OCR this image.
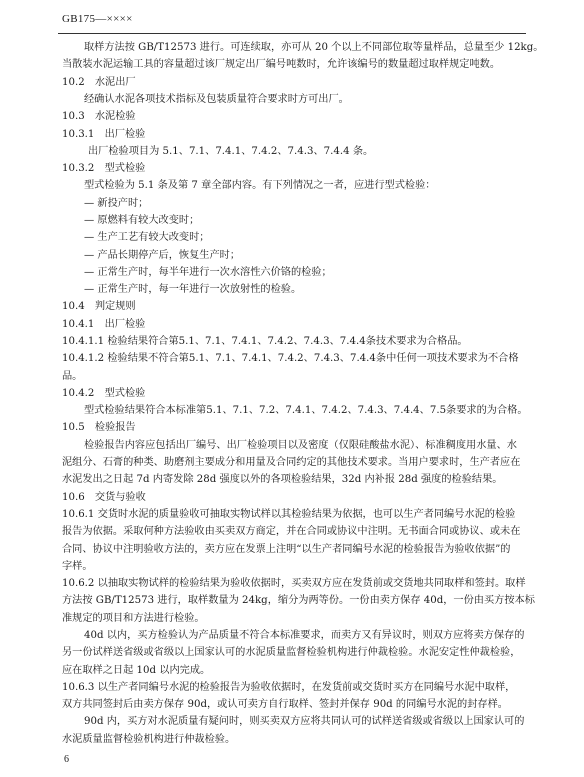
GB175—××××
取样方法按 GB/T12573 进行。可连续取，亦可从 20 个以上不同部位取等量样品，总量至少 12kg。
当散装水泥运输工具的容量超过该厂规定出厂编号吨数时，允许该编号的数量超过取样规定吨数。
10.2　水泥出厂
经确认水泥各项技术指标及包装质量符合要求时方可出厂。
10.3　水泥检验
10.3.1　出厂检验
出厂检验项目为 5.1、7.1、7.4.1、7.4.2、7.4.3、7.4.4 条。
10.3.2　型式检验
型式检验为 5.1 条及第 7 章全部内容。有下列情况之一者，应进行型式检验：
— 新投产时；
— 原燃料有较大改变时；
— 生产工艺有较大改变时；
— 产品长期停产后，恢复生产时；
— 正常生产时，每半年进行一次水溶性六价铬的检验；
— 正常生产时，每一年进行一次放射性的检验。
10.4　判定规则
10.4.1　出厂检验
10.4.1.1 检验结果符合第5.1、7.1、7.4.1、7.4.2、7.4.3、7.4.4条技术要求为合格品。
10.4.1.2 检验结果不符合第5.1、7.1、7.4.1、7.4.2、7.4.3、7.4.4条中任何一项技术要求为不合格
品。
10.4.2　型式检验
型式检验结果符合本标准第5.1、7.1、7.2、7.4.1、7.4.2、7.4.3、7.4.4、7.5条要求的为合格。
10.5　检验报告
检验报告内容应包括出厂编号、出厂检验项目以及密度（仅限硅酸盐水泥）、标准稠度用水量、水
泥组分、石膏的种类、助磨剂主要成分和用量及合同约定的其他技术要求。当用户要求时，生产者应在
水泥发出之日起 7d 内寄发除 28d 强度以外的各项检验结果，32d 内补报 28d 强度的检验结果。
10.6　交货与验收
10.6.1 交货时水泥的质量验收可抽取实物试样以其检验结果为依据，也可以生产者同编号水泥的检验
报告为依据。采取何种方法验收由买卖双方商定，并在合同或协议中注明。无书面合同或协议、或未在
合同、协议中注明验收方法的，卖方应在发票上注明“以生产者同编号水泥的检验报告为验收依据”的
字样。
10.6.2 以抽取实物试样的检验结果为验收依据时，买卖双方应在发货前或交货地共同取样和签封。取样
方法按 GB/T12573 进行，取样数量为 24kg，缩分为两等份。一份由卖方保存 40d，一份由买方按本标
准规定的项目和方法进行检验。
40d 以内，买方检验认为产品质量不符合本标准要求，而卖方又有异议时，则双方应将卖方保存的
另一份试样送省级或省级以上国家认可的水泥质量监督检验机构进行仲裁检验。水泥安定性仲裁检验，
应在取样之日起 10d 以内完成。
10.6.3 以生产者同编号水泥的检验报告为验收依据时，在发货前或交货时买方在同编号水泥中取样，
双方共同签封后由卖方保存 90d，或认可卖方自行取样、签封并保存 90d 的同编号水泥的封存样。
90d 内，买方对水泥质量有疑问时，则买卖双方应将共同认可的试样送省级或省级以上国家认可的
水泥质量监督检验机构进行仲裁检验。
6
